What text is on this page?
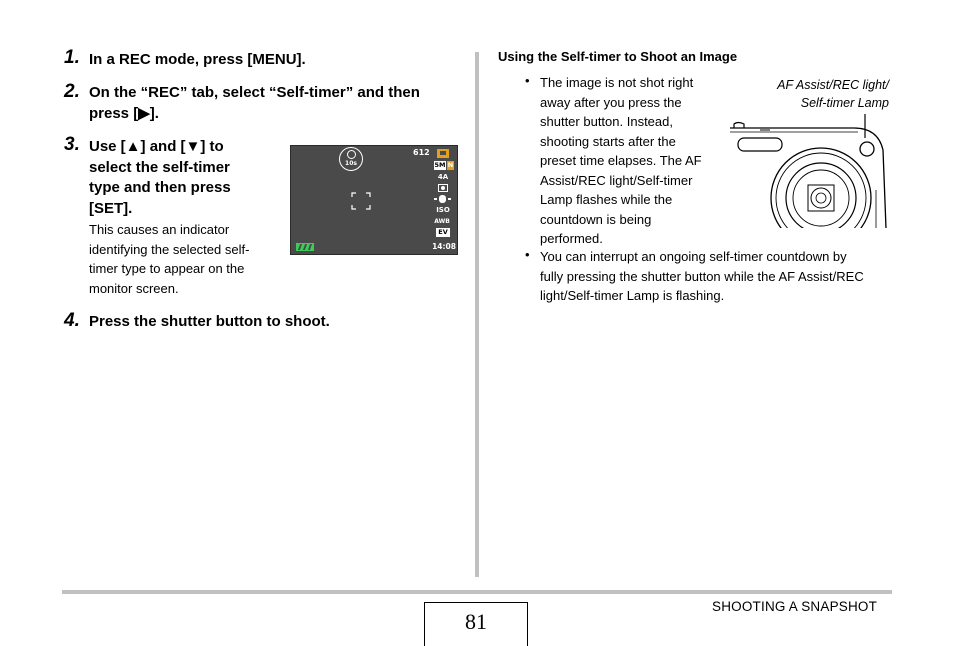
1. In a REC mode, press [MENU].
2. On the “REC” tab, select “Self-timer” and then
press [▶].
3. Use [▲] and [▼] to
select the self-timer
type and then press
[SET].
This causes an indicator
identifying the selected self-
timer type to appear on the
monitor screen.
10s
612
5M N
4A
ISO
AWB
EV
14:08
4. Press the shutter button to shoot.
Using the Self-timer to Shoot an Image
• The image is not shot right
away after you press the
shutter button. Instead,
shooting starts after the
preset time elapses. The AF
Assist/REC light/Self-timer
Lamp flashes while the
countdown is being
performed.
AF Assist/REC light/
Self-timer Lamp
• You can interrupt an ongoing self-timer countdown by
fully pressing the shutter button while the AF Assist/REC
light/Self-timer Lamp is flashing.
81
SHOOTING A SNAPSHOT
